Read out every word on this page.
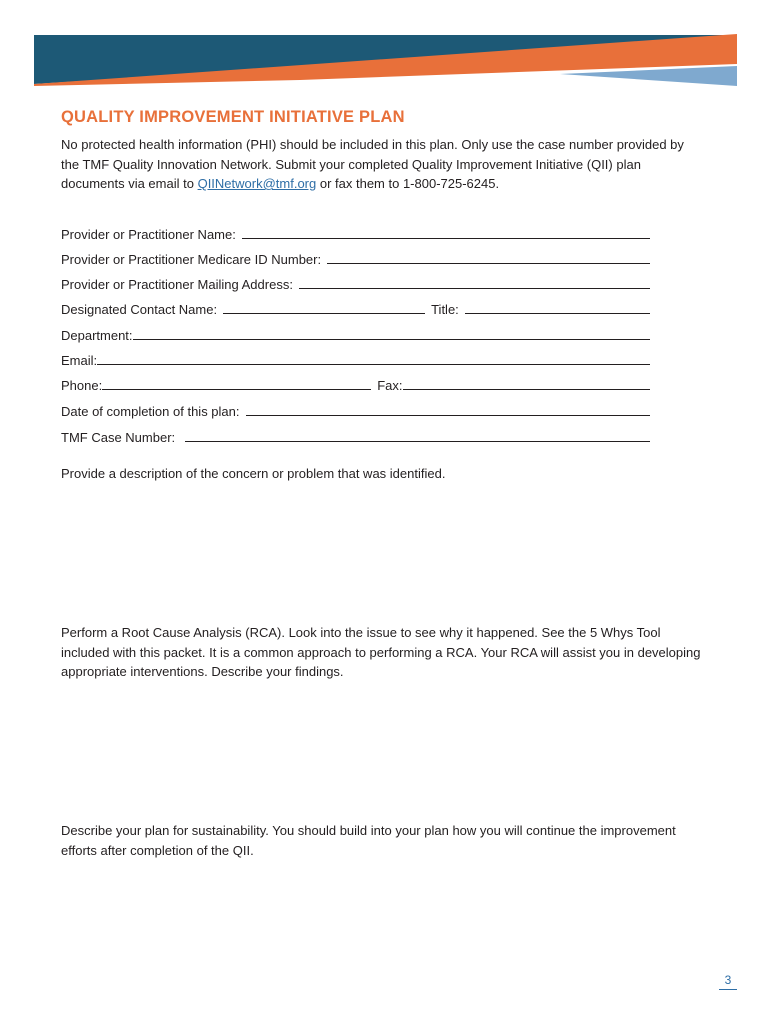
QUALITY IMPROVEMENT INITIATIVE PLAN

No protected health information (PHI) should be included in this plan. Only use the case number provided by the TMF Quality Innovation Network. Submit your completed Quality Improvement Initiative (QII) plan documents via email to QIINetwork@tmf.org or fax them to 1-800-725-6245.

Provider or Practitioner Name:
Provider or Practitioner Medicare ID Number:
Provider or Practitioner Mailing Address:
Designated Contact Name:	Title:
Department:
Email:
Phone:	Fax:
Date of completion of this plan:
TMF Case Number:

Provide a description of the concern or problem that was identified.

Perform a Root Cause Analysis (RCA). Look into the issue to see why it happened. See the 5 Whys Tool included with this packet. It is a common approach to performing a RCA. Your RCA will assist you in developing appropriate interventions. Describe your findings.

Describe your plan for sustainability. You should build into your plan how you will continue the improvement efforts after completion of the QII.

3
